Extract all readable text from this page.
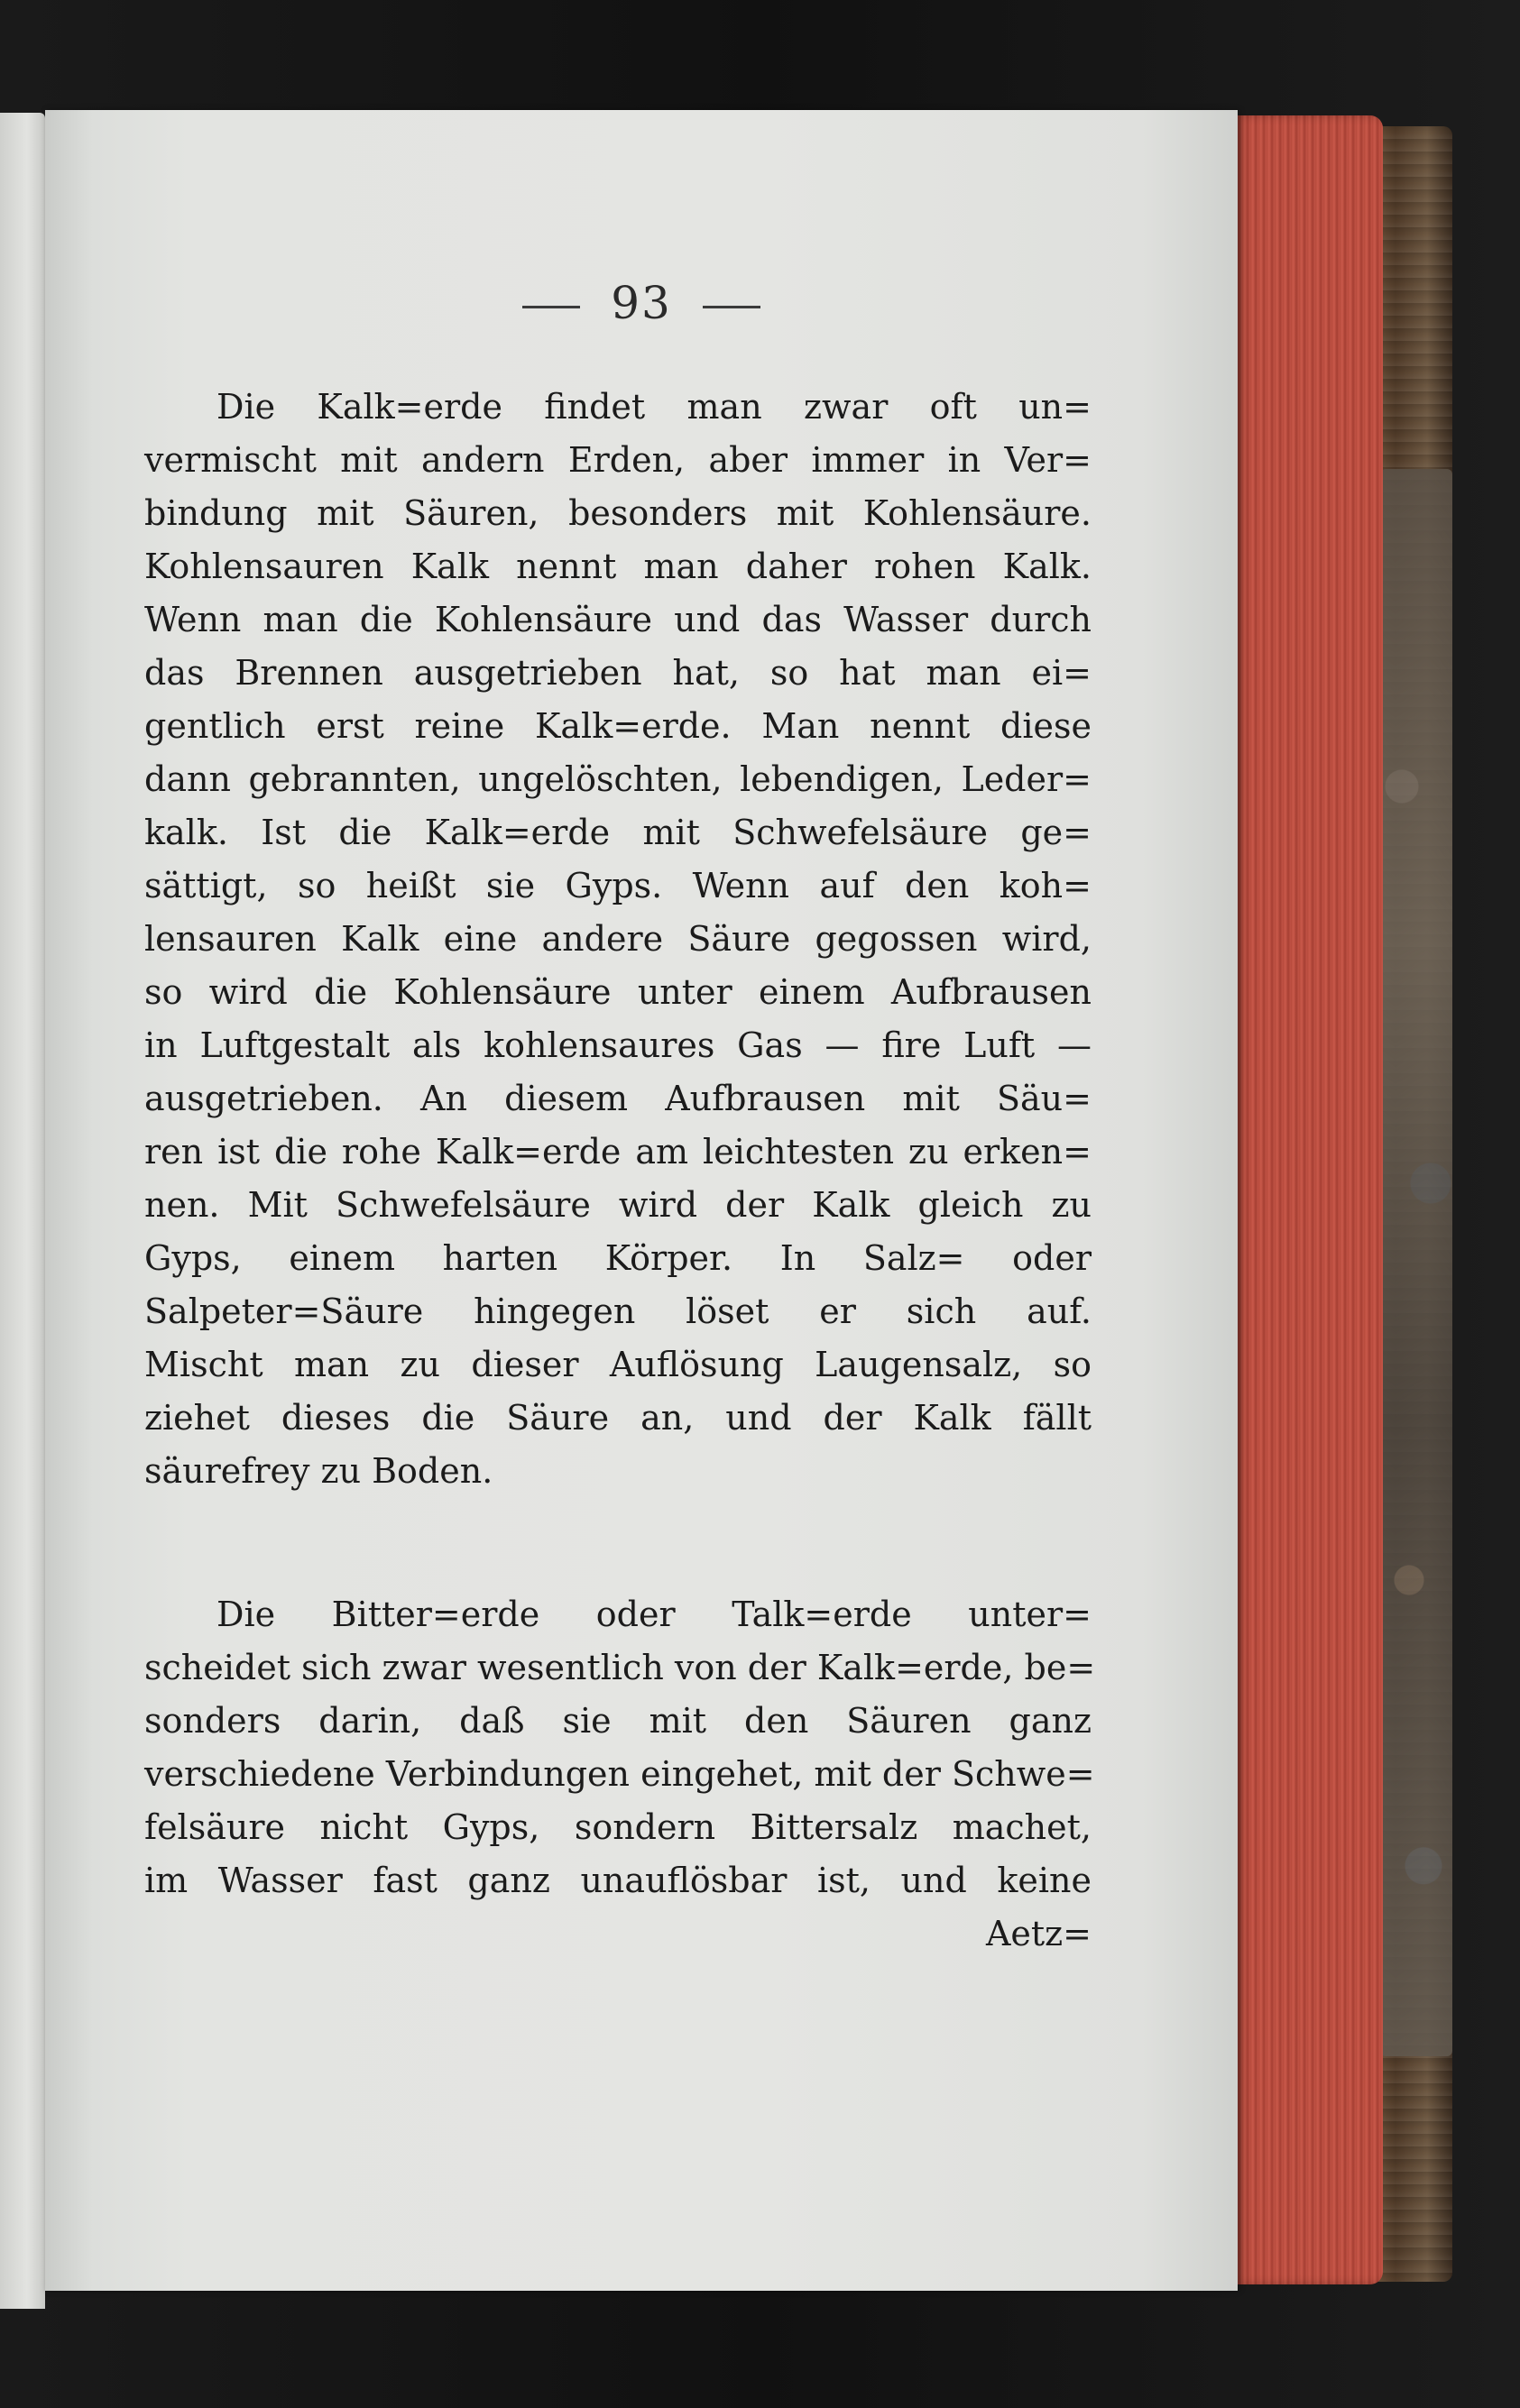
93
Die Kalk=erde findet man zwar oft un=
vermischt mit andern Erden, aber immer in Ver=
bindung mit Säuren, besonders mit Kohlensäure.
Kohlensauren Kalk nennt man daher rohen Kalk.
Wenn man die Kohlensäure und das Wasser durch
das Brennen ausgetrieben hat, so hat man ei=
gentlich erst reine Kalk=erde. Man nennt diese
dann gebrannten, ungelöschten, lebendigen, Leder=
kalk. Ist die Kalk=erde mit Schwefelsäure ge=
sättigt, so heißt sie Gyps. Wenn auf den koh=
lensauren Kalk eine andere Säure gegossen wird,
so wird die Kohlensäure unter einem Aufbrausen
in Luftgestalt als kohlensaures Gas — fire Luft —
ausgetrieben. An diesem Aufbrausen mit Säu=
ren ist die rohe Kalk=erde am leichtesten zu erken=
nen. Mit Schwefelsäure wird der Kalk gleich zu
Gyps, einem harten Körper. In Salz= oder
Salpeter=Säure hingegen löset er sich auf.
Mischt man zu dieser Auflösung Laugensalz, so
ziehet dieses die Säure an, und der Kalk fällt
säurefrey zu Boden.
Die Bitter=erde oder Talk=erde unter=
scheidet sich zwar wesentlich von der Kalk=erde, be=
sonders darin, daß sie mit den Säuren ganz
verschiedene Verbindungen eingehet, mit der Schwe=
felsäure nicht Gyps, sondern Bittersalz machet,
im Wasser fast ganz unauflösbar ist, und keine
Aetz=
